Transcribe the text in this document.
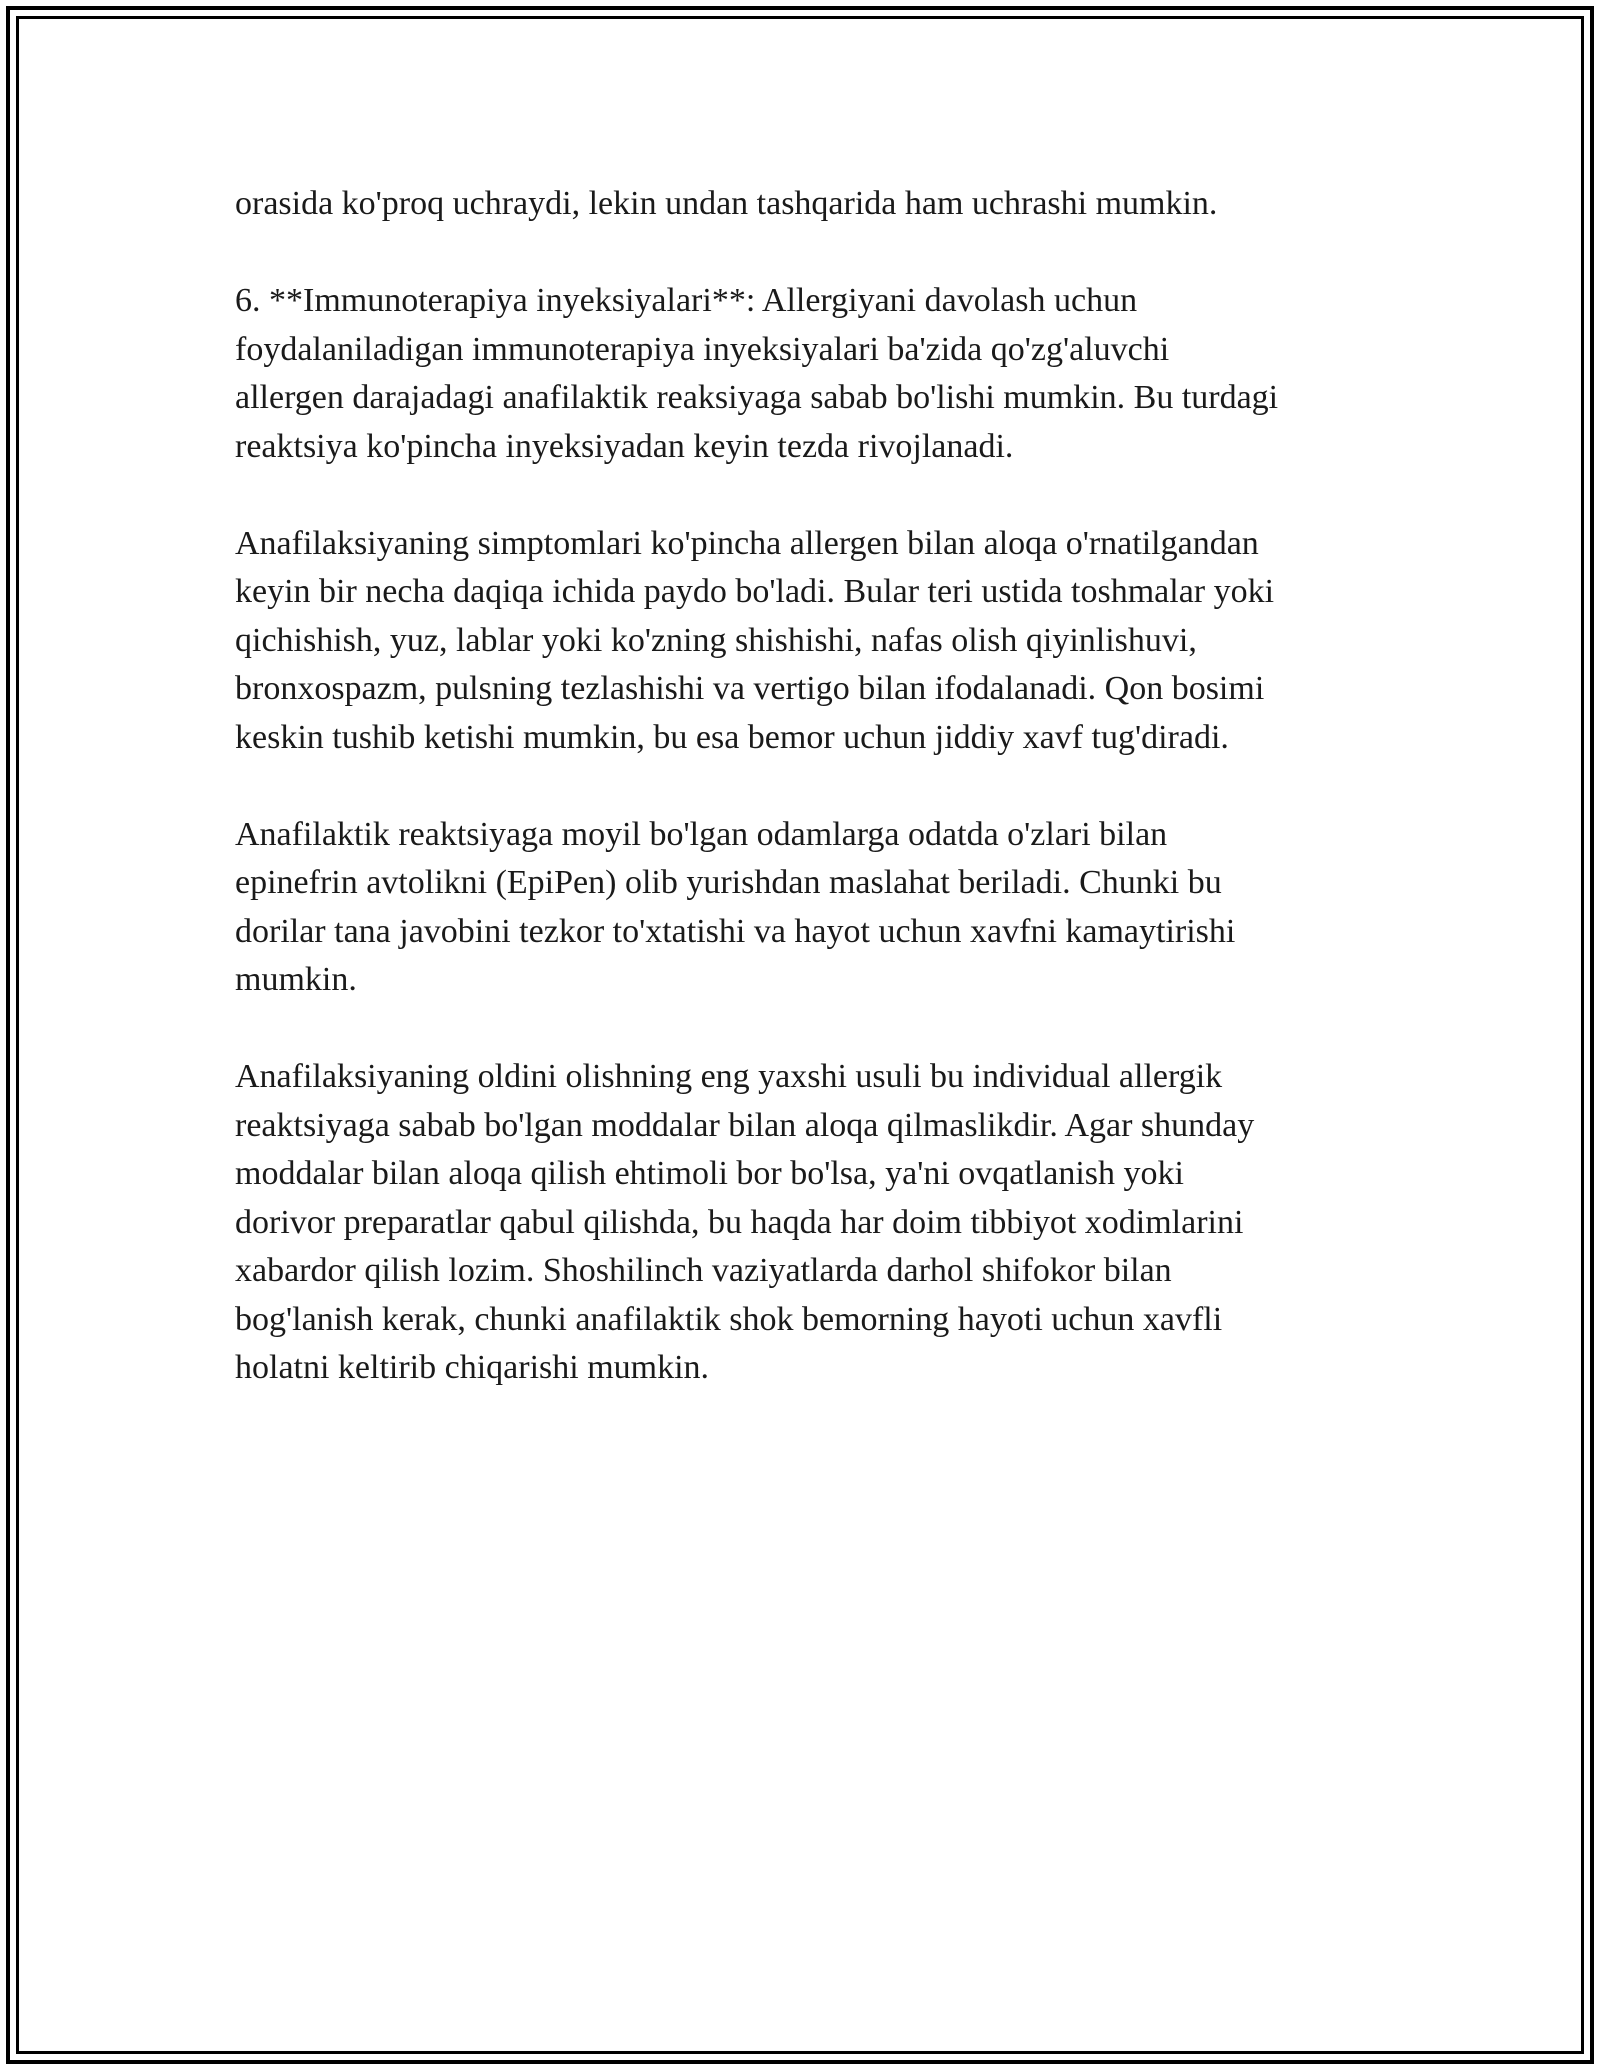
orasida ko'proq uchraydi, lekin undan tashqarida ham uchrashi mumkin.

6. **Immunoterapiya inyeksiyalari**: Allergiyani davolash uchun
foydalaniladigan immunoterapiya inyeksiyalari ba'zida qo'zg'aluvchi
allergen darajadagi anafilaktik reaksiyaga sabab bo'lishi mumkin. Bu turdagi
reaktsiya ko'pincha inyeksiyadan keyin tezda rivojlanadi.

Anafilaksiyaning simptomlari ko'pincha allergen bilan aloqa o'rnatilgandan
keyin bir necha daqiqa ichida paydo bo'ladi. Bular teri ustida toshmalar yoki
qichishish, yuz, lablar yoki ko'zning shishishi, nafas olish qiyinlishuvi,
bronxospazm, pulsning tezlashishi va vertigo bilan ifodalanadi. Qon bosimi
keskin tushib ketishi mumkin, bu esa bemor uchun jiddiy xavf tug'diradi.

Anafilaktik reaktsiyaga moyil bo'lgan odamlarga odatda o'zlari bilan
epinefrin avtolikni (EpiPen) olib yurishdan maslahat beriladi. Chunki bu
dorilar tana javobini tezkor to'xtatishi va hayot uchun xavfni kamaytirishi
mumkin.

Anafilaksiyaning oldini olishning eng yaxshi usuli bu individual allergik
reaktsiyaga sabab bo'lgan moddalar bilan aloqa qilmaslikdir. Agar shunday
moddalar bilan aloqa qilish ehtimoli bor bo'lsa, ya'ni ovqatlanish yoki
dorivor preparatlar qabul qilishda, bu haqda har doim tibbiyot xodimlarini
xabardor qilish lozim. Shoshilinch vaziyatlarda darhol shifokor bilan
bog'lanish kerak, chunki anafilaktik shok bemorning hayoti uchun xavfli
holatni keltirib chiqarishi mumkin.
